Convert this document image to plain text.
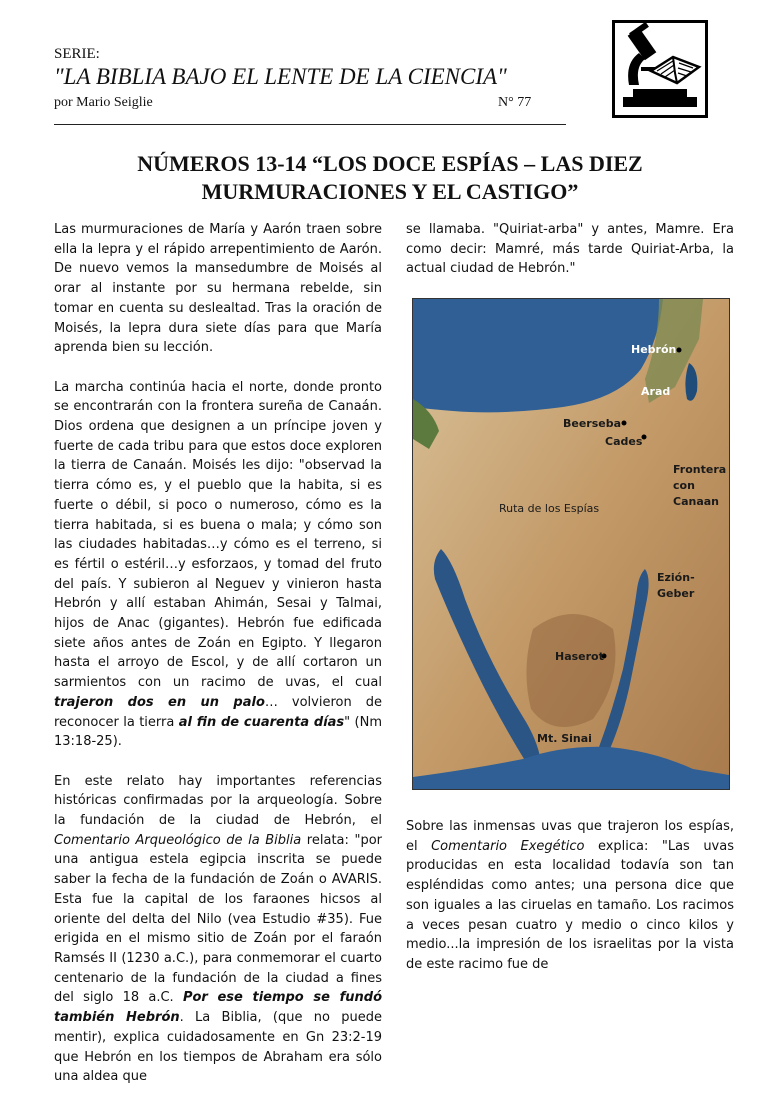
SERIE:
"LA BIBLIA BAJO EL LENTE DE LA CIENCIA"
por Mario Seiglie	N° 77
NÚMEROS 13-14 “LOS DOCE ESPÍAS – LAS DIEZ
MURMURACIONES Y EL CASTIGO”

Las murmuraciones de María y Aarón traen sobre ella la lepra y el rápido arrepentimiento de Aarón. De nuevo vemos la mansedumbre de Moisés al orar al instante por su hermana rebelde, sin tomar en cuenta su deslealtad. Tras la oración de Moisés, la lepra dura siete días para que María aprenda bien su lección.

La marcha continúa hacia el norte, donde pronto se encontrarán con la frontera sureña de Canaán. Dios ordena que designen a un príncipe joven y fuerte de cada tribu para que estos doce exploren la tierra de Canaán. Moisés les dijo: "observad la tierra cómo es, y el pueblo que la habita, si es fuerte o débil, si poco o numeroso, cómo es la tierra habitada, si es buena o mala; y cómo son las ciudades habitadas…y cómo es el terreno, si es fértil o estéril…y esforzaos, y tomad del fruto del país. Y subieron al Neguev y vinieron hasta Hebrón y allí estaban Ahimán, Sesai y Talmai, hijos de Anac (gigantes). Hebrón fue edificada siete años antes de Zoán en Egipto. Y llegaron hasta el arroyo de Escol, y de allí cortaron un sarmientos con un racimo de uvas, el cual trajeron dos en un palo… volvieron de reconocer la tierra al fin de cuarenta días" (Nm 13:18-25).

En este relato hay importantes referencias históricas confirmadas por la arqueología. Sobre la fundación de la ciudad de Hebrón, el Comentario Arqueológico de la Biblia relata: "por una antigua estela egipcia inscrita se puede saber la fecha de la fundación de Zoán o AVARIS. Esta fue la capital de los faraones hicsos al oriente del delta del Nilo (vea Estudio #35). Fue erigida en el mismo sitio de Zoán por el faraón Ramsés II (1230 a.C.), para conmemorar el cuarto centenario de la fundación de la ciudad a fines del siglo 18 a.C. Por ese tiempo se fundó también Hebrón. La Biblia, (que no puede mentir), explica cuidadosamente en Gn 23:2-19 que Hebrón en los tiempos de Abraham era sólo una aldea que

se llamaba. "Quiriat-arba" y antes, Mamre. Era como decir: Mamré, más tarde Quiriat-Arba, la actual ciudad de Hebrón."

Hebrón
Arad
Beerseba
Cades
Frontera
con
Canaan
Ruta de los Espías
Ezión-
Geber
Haserot
Mt. Sinai

Sobre las inmensas uvas que trajeron los espías, el Comentario Exegético explica: "Las uvas producidas en esta localidad todavía son tan espléndidas como antes; una persona dice que son iguales a las ciruelas en tamaño. Los racimos a veces pesan cuatro y medio o cinco kilos y medio...la impresión de los israelitas por la vista de este racimo fue de
